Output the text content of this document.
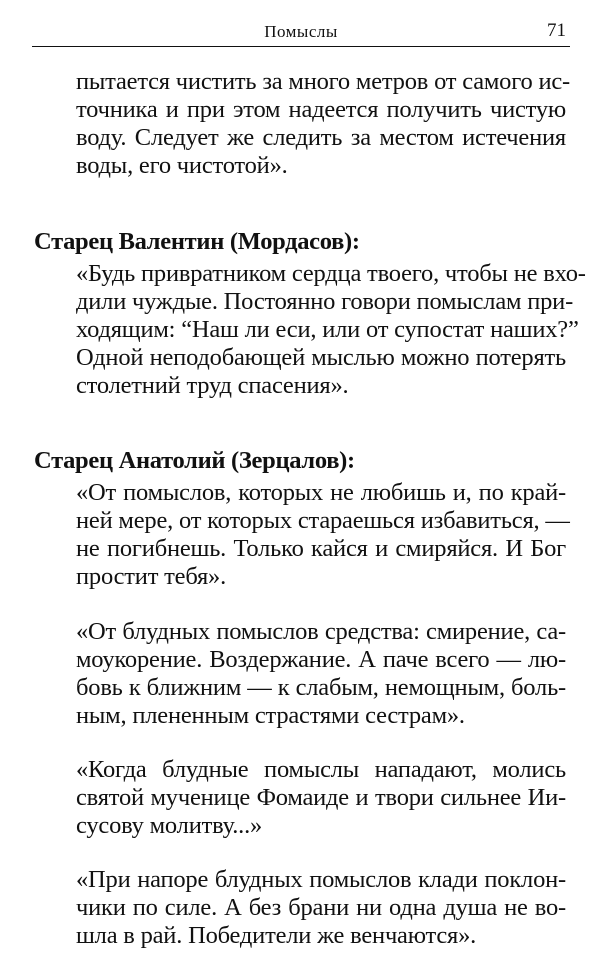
Помыслы	71
пытается чистить за много метров от самого ис-
точника и при этом надеется получить чистую
воду. Следует же следить за местом истечения
воды, его чистотой».
Старец Валентин (Мордасов):
«Будь привратником сердца твоего, чтобы не вхо-
дили чуждые. Постоянно говори помыслам при-
ходящим: “Наш ли еси, или от супостат наших?”
Одной неподобающей мыслью можно потерять
столетний труд спасения».
Старец Анатолий (Зерцалов):
«От помыслов, которых не любишь и, по край-
ней мере, от которых стараешься избавиться, —
не погибнешь. Только кайся и смиряйся. И Бог
простит тебя».
«От блудных помыслов средства: смирение, са-
моукорение. Воздержание. А паче всего — лю-
бовь к ближним — к слабым, немощным, боль-
ным, плененным страстями сестрам».
«Когда блудные помыслы нападают, молись
святой мученице Фомаиде и твори сильнее Ии-
сусову молитву...»
«При напоре блудных помыслов клади поклон-
чики по силе. А без брани ни одна душа не во-
шла в рай. Победители же венчаются».
